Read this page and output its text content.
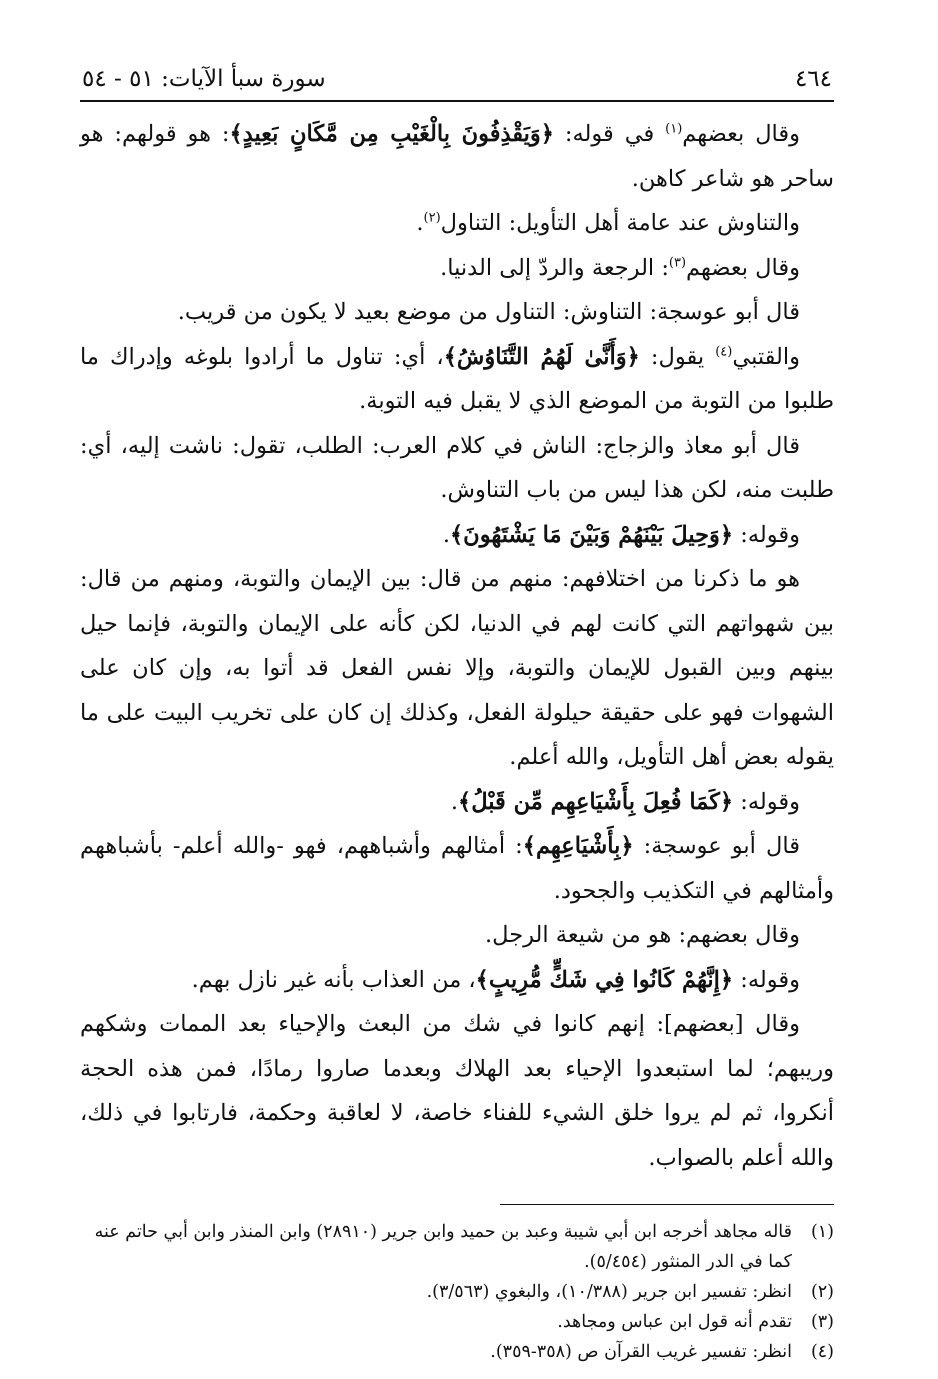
٤٦٤
سورة سبأ الآيات: ٥١ - ٥٤

وقال بعضهم$^{(١)}$ في قوله: ﴿وَيَقْذِفُونَ بِالْغَيْبِ مِن مَّكَانٍ بَعِيدٍ﴾: هو قولهم: هو ساحر هو شاعر كاهن.

والتناوش عند عامة أهل التأويل: التناول$^{(٢)}$.

وقال بعضهم$^{(٣)}$: الرجعة والردّ إلى الدنيا.

قال أبو عوسجة: التناوش: التناول من موضع بعيد لا يكون من قريب.

والقتبي$^{(٤)}$ يقول: ﴿وَأَنَّىٰ لَهُمُ التَّنَاوُشُ﴾، أي: تناول ما أرادوا بلوغه وإدراك ما طلبوا من التوبة من الموضع الذي لا يقبل فيه التوبة.

قال أبو معاذ والزجاج: الناش في كلام العرب: الطلب، تقول: ناشت إليه، أي: طلبت منه، لكن هذا ليس من باب التناوش.

وقوله: ﴿وَحِيلَ بَيْنَهُمْ وَبَيْنَ مَا يَشْتَهُونَ﴾.

هو ما ذكرنا من اختلافهم: منهم من قال: بين الإيمان والتوبة، ومنهم من قال: بين شهواتهم التي كانت لهم في الدنيا، لكن كأنه على الإيمان والتوبة، فإنما حيل بينهم وبين القبول للإيمان والتوبة، وإلا نفس الفعل قد أتوا به، وإن كان على الشهوات فهو على حقيقة حيلولة الفعل، وكذلك إن كان على تخريب البيت على ما يقوله بعض أهل التأويل، والله أعلم.

وقوله: ﴿كَمَا فُعِلَ بِأَشْيَاعِهِم مِّن قَبْلُ﴾.

قال أبو عوسجة: ﴿بِأَشْيَاعِهِم﴾: أمثالهم وأشباههم، فهو -والله أعلم- بأشباههم وأمثالهم في التكذيب والجحود.

وقال بعضهم: هو من شيعة الرجل.

وقوله: ﴿إِنَّهُمْ كَانُوا فِي شَكٍّ مُّرِيبٍ﴾، من العذاب بأنه غير نازل بهم.

وقال [بعضهم]: إنهم كانوا في شك من البعث والإحياء بعد الممات وشكهم وريبهم؛ لما استبعدوا الإحياء بعد الهلاك وبعدما صاروا رمادًا، فمن هذه الحجة أنكروا، ثم لم يروا خلق الشيء للفناء خاصة، لا لعاقبة وحكمة، فارتابوا في ذلك، والله أعلم بالصواب.

(١)
قاله مجاهد أخرجه ابن أبي شيبة وعبد بن حميد وابن جرير (٢٨٩١٠) وابن المنذر وابن أبي حاتم عنه كما في الدر المنثور (٥/٤٥٤).

(٢)
انظر: تفسير ابن جرير (١٠/٣٨٨)، والبغوي (٣/٥٦٣).

(٣)
تقدم أنه قول ابن عباس ومجاهد.

(٤)
انظر: تفسير غريب القرآن ص (٣٥٨-٣٥٩).
